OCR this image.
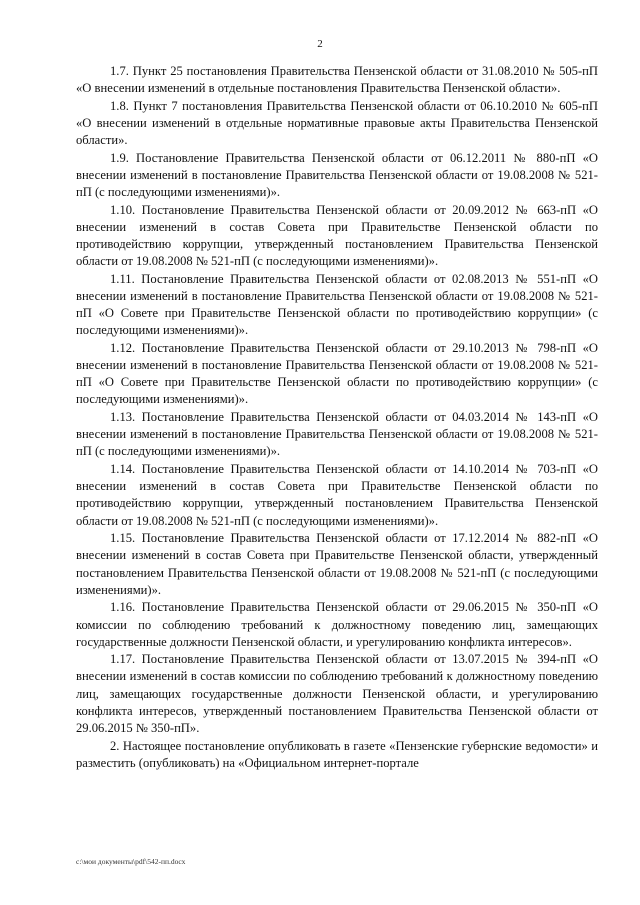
2

1.7. Пункт 25 постановления Правительства Пензенской области от 31.08.2010 № 505-пП «О внесении изменений в отдельные постановления Правительства Пензенской области».

1.8. Пункт 7 постановления Правительства Пензенской области от 06.10.2010 № 605-пП «О внесении изменений в отдельные нормативные правовые акты Правительства Пензенской области».

1.9. Постановление Правительства Пензенской области от 06.12.2011 № 880-пП «О внесении изменений в постановление Правительства Пензенской области от 19.08.2008 № 521-пП (с последующими изменениями)».

1.10. Постановление Правительства Пензенской области от 20.09.2012 № 663-пП «О внесении изменений в состав Совета при Правительстве Пензенской области по противодействию коррупции, утвержденный постановлением Правительства Пензенской области от 19.08.2008 № 521-пП (с последующими изменениями)».

1.11. Постановление Правительства Пензенской области от 02.08.2013 № 551-пП «О внесении изменений в постановление Правительства Пензенской области от 19.08.2008 № 521-пП «О Совете при Правительстве Пензенской области по противодействию коррупции» (с последующими изменениями)».

1.12. Постановление Правительства Пензенской области от 29.10.2013 № 798-пП «О внесении изменений в постановление Правительства Пензенской области от 19.08.2008 № 521-пП «О Совете при Правительстве Пензенской области по противодействию коррупции» (с последующими изменениями)».

1.13. Постановление Правительства Пензенской области от 04.03.2014 № 143-пП «О внесении изменений в постановление Правительства Пензенской области от 19.08.2008 № 521-пП (с последующими изменениями)».

1.14. Постановление Правительства Пензенской области от 14.10.2014 № 703-пП «О внесении изменений в состав Совета при Правительстве Пензенской области по противодействию коррупции, утвержденный постановлением Правительства Пензенской области от 19.08.2008 № 521-пП (с последующими изменениями)».

1.15. Постановление Правительства Пензенской области от 17.12.2014 № 882-пП «О внесении изменений в состав Совета при Правительстве Пензенской области, утвержденный постановлением Правительства Пензенской области от 19.08.2008 № 521-пП (с последующими изменениями)».

1.16. Постановление Правительства Пензенской области от 29.06.2015 № 350-пП «О комиссии по соблюдению требований к должностному поведению лиц, замещающих государственные должности Пензенской области, и урегулированию конфликта интересов».

1.17. Постановление Правительства Пензенской области от 13.07.2015 № 394-пП «О внесении изменений в состав комиссии по соблюдению требований к должностному поведению лиц, замещающих государственные должности Пензенской области, и урегулированию конфликта интересов, утвержденный постановлением Правительства Пензенской области от 29.06.2015 № 350-пП».

2. Настоящее постановление опубликовать в газете «Пензенские губернские ведомости» и разместить (опубликовать) на «Официальном интернет-портале

c:\мои документы\pdf\542-пп.docx
